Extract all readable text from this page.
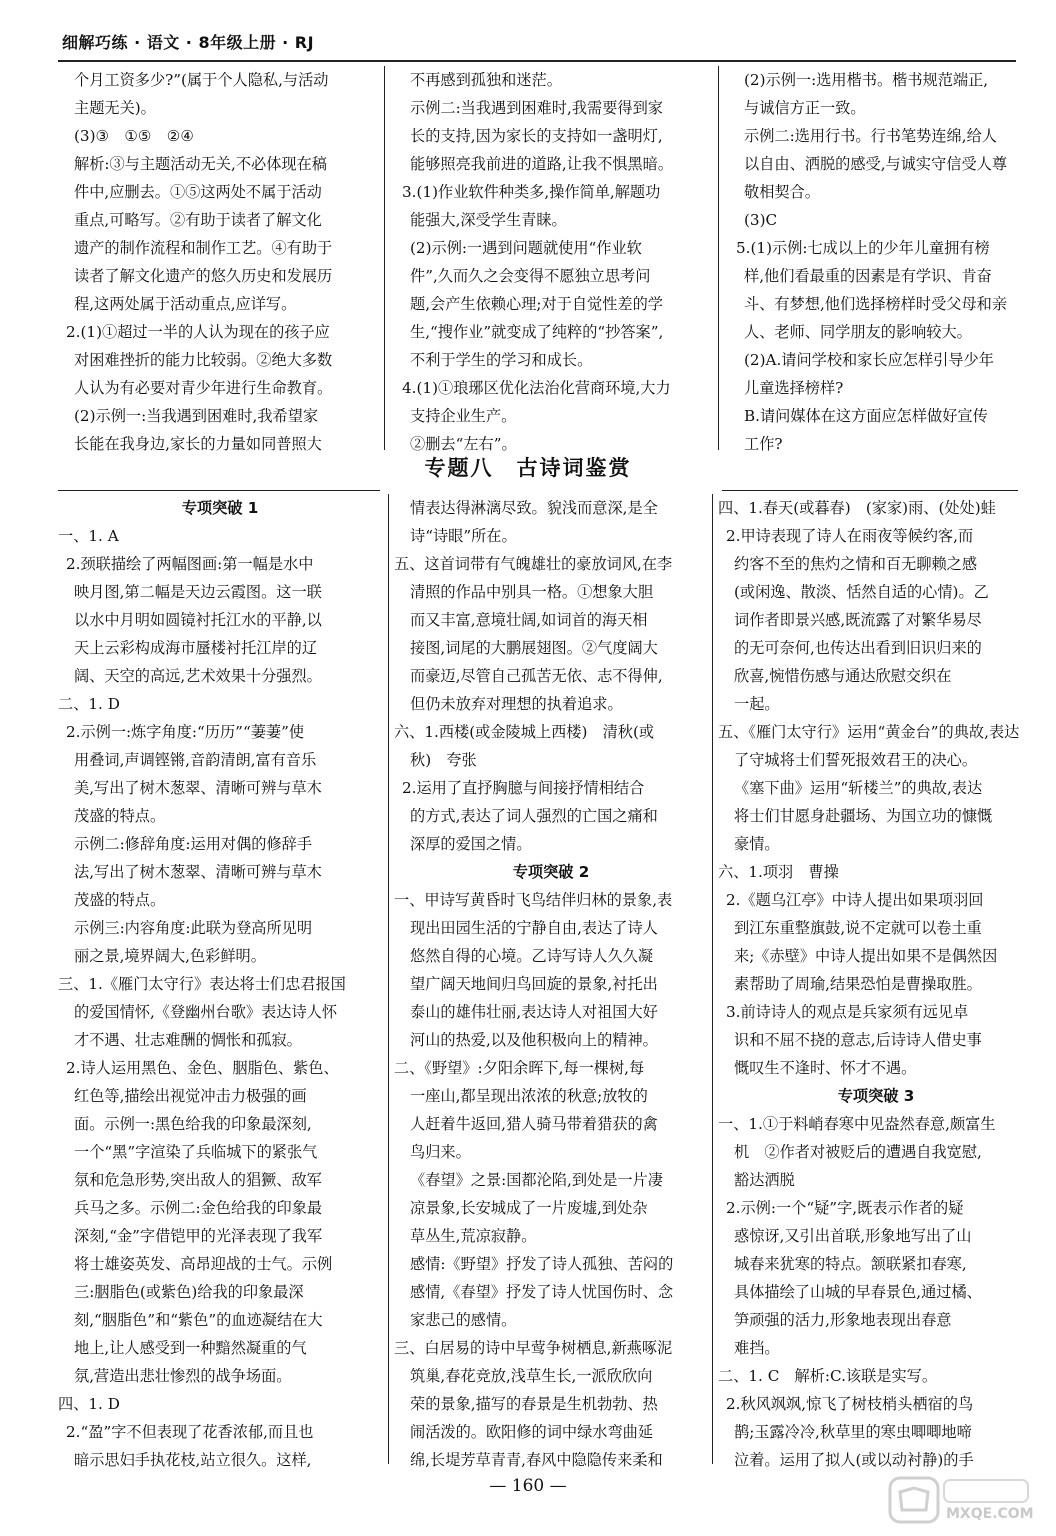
细解巧练 · 语文 · 8年级上册 · RJ
个月工资多少?”(属于个人隐私,与活动
主题无关)。
(3)③　①⑤　②④
解析:③与主题活动无关,不必体现在稿
件中,应删去。①⑤这两处不属于活动
重点,可略写。②有助于读者了解文化
遗产的制作流程和制作工艺。④有助于
读者了解文化遗产的悠久历史和发展历
程,这两处属于活动重点,应详写。
2.(1)①超过一半的人认为现在的孩子应
对困难挫折的能力比较弱。②绝大多数
人认为有必要对青少年进行生命教育。
(2)示例一:当我遇到困难时,我希望家
长能在我身边,家长的力量如同普照大
不再感到孤独和迷茫。
示例二:当我遇到困难时,我需要得到家
长的支持,因为家长的支持如一盏明灯,
能够照亮我前进的道路,让我不惧黑暗。
3.(1)作业软件种类多,操作简单,解题功
能强大,深受学生青睐。
(2)示例:一遇到问题就使用“作业软
件”,久而久之会变得不愿独立思考问
题,会产生依赖心理;对于自觉性差的学
生,“搜作业”就变成了纯粹的“抄答案”,
不利于学生的学习和成长。
4.(1)①琅琊区优化法治化营商环境,大力
支持企业生产。
②删去“左右”。
(2)示例一:选用楷书。楷书规范端正,
与诚信方正一致。
示例二:选用行书。行书笔势连绵,给人
以自由、洒脱的感受,与诚实守信受人尊
敬相契合。
(3)C
5.(1)示例:七成以上的少年儿童拥有榜
样,他们看最重的因素是有学识、肯奋
斗、有梦想,他们选择榜样时受父母和亲
人、老师、同学朋友的影响较大。
(2)A.请问学校和家长应怎样引导少年
儿童选择榜样?
B.请问媒体在这方面应怎样做好宣传
工作?
专题八　古诗词鉴赏
专项突破 1
一、1. A
2.颈联描绘了两幅图画:第一幅是水中
映月图,第二幅是天边云霞图。这一联
以水中月明如圆镜衬托江水的平静,以
天上云彩构成海市蜃楼衬托江岸的辽
阔、天空的高远,艺术效果十分强烈。
二、1. D
2.示例一:炼字角度:“历历”“萋萋”使
用叠词,声调铿锵,音韵清朗,富有音乐
美,写出了树木葱翠、清晰可辨与草木
茂盛的特点。
示例二:修辞角度:运用对偶的修辞手
法,写出了树木葱翠、清晰可辨与草木
茂盛的特点。
示例三:内容角度:此联为登高所见明
丽之景,境界阔大,色彩鲜明。
三、1.《雁门太守行》表达将士们忠君报国
的爱国情怀,《登幽州台歌》表达诗人怀
才不遇、壮志难酬的惆怅和孤寂。
2.诗人运用黑色、金色、胭脂色、紫色、
红色等,描绘出视觉冲击力极强的画
面。示例一:黑色给我的印象最深刻,
一个“黑”字渲染了兵临城下的紧张气
氛和危急形势,突出敌人的猖獗、敌军
兵马之多。示例二:金色给我的印象最
深刻,“金”字借铠甲的光泽表现了我军
将士雄姿英发、高昂迎战的士气。示例
三:胭脂色(或紫色)给我的印象最深
刻,“胭脂色”和“紫色”的血迹凝结在大
地上,让人感受到一种黯然凝重的气
氛,营造出悲壮惨烈的战争场面。
四、1. D
2.“盈”字不但表现了花香浓郁,而且也
暗示思妇手执花枝,站立很久。这样,
情表达得淋漓尽致。貌浅而意深,是全
诗“诗眼”所在。
五、这首词带有气魄雄壮的豪放词风,在李
清照的作品中别具一格。①想象大胆
而又丰富,意境壮阔,如词首的海天相
接图,词尾的大鹏展翅图。②气度阔大
而豪迈,尽管自己孤苦无依、志不得伸,
但仍未放弃对理想的执着追求。
六、1.西楼(或金陵城上西楼)　清秋(或
秋)　夸张
2.运用了直抒胸臆与间接抒情相结合
的方式,表达了词人强烈的亡国之痛和
深厚的爱国之情。
专项突破 2
一、甲诗写黄昏时飞鸟结伴归林的景象,表
现出田园生活的宁静自由,表达了诗人
悠然自得的心境。乙诗写诗人久久凝
望广阔天地间归鸟回旋的景象,衬托出
泰山的雄伟壮丽,表达诗人对祖国大好
河山的热爱,以及他积极向上的精神。
二、《野望》:夕阳余晖下,每一棵树,每
一座山,都呈现出浓浓的秋意;放牧的
人赶着牛返回,猎人骑马带着猎获的禽
鸟归来。
《春望》之景:国都沦陷,到处是一片凄
凉景象,长安城成了一片废墟,到处杂
草丛生,荒凉寂静。
感情:《野望》抒发了诗人孤独、苦闷的
感情,《春望》抒发了诗人忧国伤时、念
家悲己的感情。
三、白居易的诗中早莺争树栖息,新燕啄泥
筑巢,春花竞放,浅草生长,一派欣欣向
荣的景象,描写的春景是生机勃勃、热
闹活泼的。欧阳修的词中绿水弯曲延
绵,长堤芳草青青,春风中隐隐传来柔和
四、1.春天(或暮春)　(家家)雨、(处处)蛙
2.甲诗表现了诗人在雨夜等候约客,而
约客不至的焦灼之情和百无聊赖之感
(或闲逸、散淡、恬然自适的心情)。乙
词作者即景兴感,既流露了对繁华易尽
的无可奈何,也传达出看到旧识归来的
欣喜,惋惜伤感与通达欣慰交织在
一起。
五、《雁门太守行》运用“黄金台”的典故,表达
了守城将士们誓死报效君王的决心。
《塞下曲》运用“斩楼兰”的典故,表达
将士们甘愿身赴疆场、为国立功的慷慨
豪情。
六、1.项羽　曹操
2.《题乌江亭》中诗人提出如果项羽回
到江东重整旗鼓,说不定就可以卷土重
来;《赤壁》中诗人提出如果不是偶然因
素帮助了周瑜,结果恐怕是曹操取胜。
3.前诗诗人的观点是兵家须有远见卓
识和不屈不挠的意志,后诗诗人借史事
慨叹生不逢时、怀才不遇。
专项突破 3
一、1.①于料峭春寒中见盎然春意,颇富生
机　②作者对被贬后的遭遇自我宽慰,
豁达洒脱
2.示例:一个“疑”字,既表示作者的疑
惑惊讶,又引出首联,形象地写出了山
城春来犹寒的特点。颔联紧扣春寒,
具体描绘了山城的早春景色,通过橘、
笋顽强的活力,形象地表现出春意
难挡。
二、1. C　解析:C.该联是实写。
2.秋风飒飒,惊飞了树枝梢头栖宿的鸟
鹊;玉露冷冷,秋草里的寒虫唧唧地啼
泣着。运用了拟人(或以动衬静)的手
— 160 —
MXQE.COM
